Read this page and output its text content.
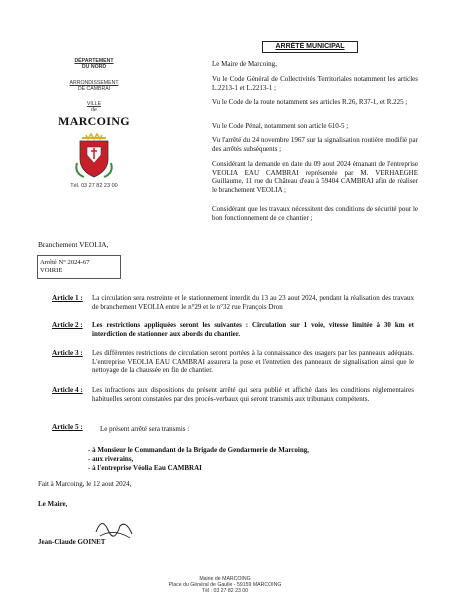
DÉPARTEMENT
DU NORD
ARRONDISSEMENT
DE CAMBRAI
VILLE
de
MARCOING
Tél. 03 27 82 23 00
ARRÊTÉ MUNICIPAL
Le Maire de Marcoing,
Vu le Code Général de Collectivités Territoriales notamment les articles L.2213-1 et L.2213-1 ;
Vu le Code de la route notamment ses articles R.26, R37-1, et R.225 ;
Vu le Code Pénal, notamment son article 610-5 ;
Vu l'arrêté du 24 novembre 1967 sur la signalisation routière modifié par des arrêtés subséquents ;
Considérant la demande en date du 09 aout 2024 émanant de l'entreprise VEOLIA EAU CAMBRAI représentée par M. VERHAEGHE Guillaume, 11 rue du Château d'eau à 59404 CAMBRAI afin de réaliser le branchement VEOLIA ;
Considérant que les travaux nécessitent des conditions de sécurité pour le bon fonctionnement de ce chantier ;
Branchement VEOLIA,
Arrêté N° 2024-67
VOIRIE
Article 1 : La circulation sera restreinte et le stationnement interdit du 13 au 23 aout 2024, pendant la réalisation des travaux de branchement VEOLIA entre le n°29 et le n°32 rue François Dron
Article 2 : Les restrictions appliquées seront les suivantes : Circulation sur 1 voie, vitesse limitée à 30 km et interdiction de stationner aux abords du chantier.
Article 3 : Les différentes restrictions de circulation seront portées à la connaissance des usagers par les panneaux adéquats. L'entreprise VEOLIA EAU CAMBRAI assurera la pose et l'entretien des panneaux de signalisation ainsi que le nettoyage de la chaussée en fin de chantier.
Article 4 : Les infractions aux dispositions du présent arrêté qui sera publié et affiché dans les conditions réglementaires habituelles seront constatées par des procès-verbaux qui seront transmis aux tribunaux compétents.
Article 5 : Le présent arrêté sera transmis :
- à Monsieur le Commandant de la Brigade de Gendarmerie de Marcoing,
- aux riverains,
- à l'entreprise Véolia Eau CAMBRAI
Fait à Marcoing, le 12 aout 2024,
Le Maire,
Jean-Claude GOINET
Mairie de MARCOING
Place du Général de Gaulle - 59159 MARCOING
Tél : 03 27 82 23 00
